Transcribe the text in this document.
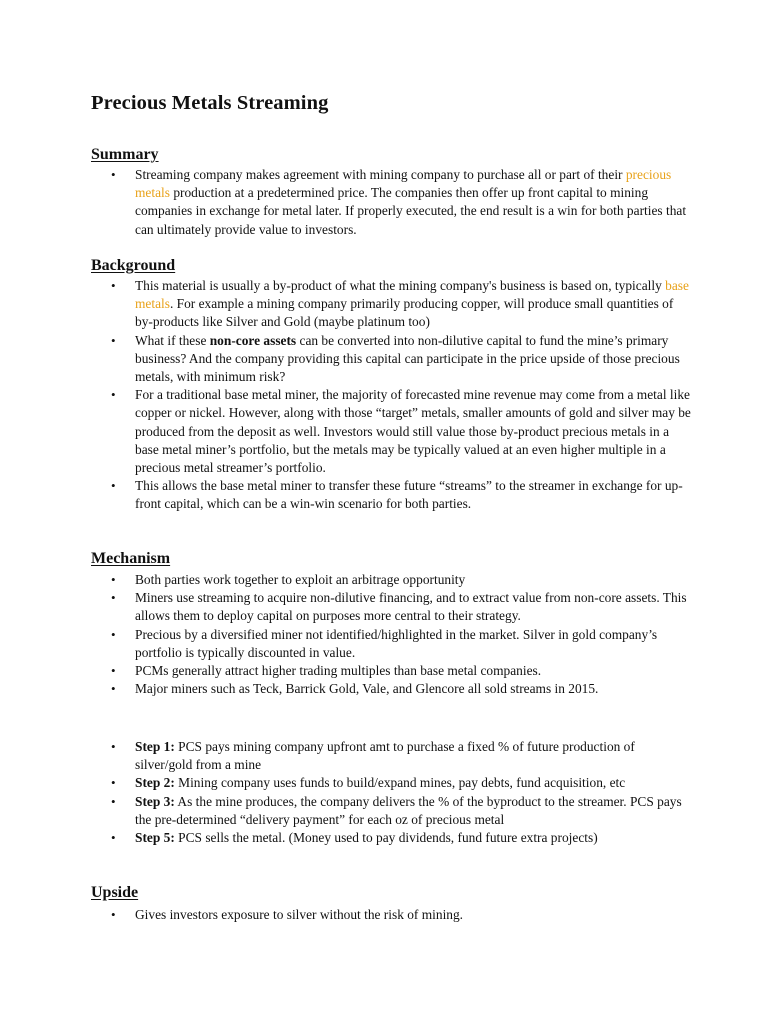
Precious Metals Streaming
Summary
• Streaming company makes agreement with mining company to purchase all or part of their precious metals production at a predetermined price. The companies then offer up front capital to mining companies in exchange for metal later. If properly executed, the end result is a win for both parties that can ultimately provide value to investors.
Background
• This material is usually a by-product of what the mining company's business is based on, typically base metals. For example a mining company primarily producing copper, will produce small quantities of by-products like Silver and Gold (maybe platinum too)
• What if these non-core assets can be converted into non-dilutive capital to fund the mine’s primary business? And the company providing this capital can participate in the price upside of those precious metals, with minimum risk?
• For a traditional base metal miner, the majority of forecasted mine revenue may come from a metal like copper or nickel. However, along with those “target” metals, smaller amounts of gold and silver may be produced from the deposit as well. Investors would still value those by-product precious metals in a base metal miner’s portfolio, but the metals may be typically valued at an even higher multiple in a precious metal streamer’s portfolio.
• This allows the base metal miner to transfer these future “streams” to the streamer in exchange for up-front capital, which can be a win-win scenario for both parties.
Mechanism
• Both parties work together to exploit an arbitrage opportunity
• Miners use streaming to acquire non-dilutive financing, and to extract value from non-core assets. This allows them to deploy capital on purposes more central to their strategy.
• Precious by a diversified miner not identified/highlighted in the market. Silver in gold company’s portfolio is typically discounted in value.
• PCMs generally attract higher trading multiples than base metal companies.
• Major miners such as Teck, Barrick Gold, Vale, and Glencore all sold streams in 2015.
• Step 1: PCS pays mining company upfront amt to purchase a fixed % of future production of silver/gold from a mine
• Step 2: Mining company uses funds to build/expand mines, pay debts, fund acquisition, etc
• Step 3: As the mine produces, the company delivers the % of the byproduct to the streamer. PCS pays the pre-determined “delivery payment” for each oz of precious metal
• Step 5: PCS sells the metal. (Money used to pay dividends, fund future extra projects)
Upside
• Gives investors exposure to silver without the risk of mining.
